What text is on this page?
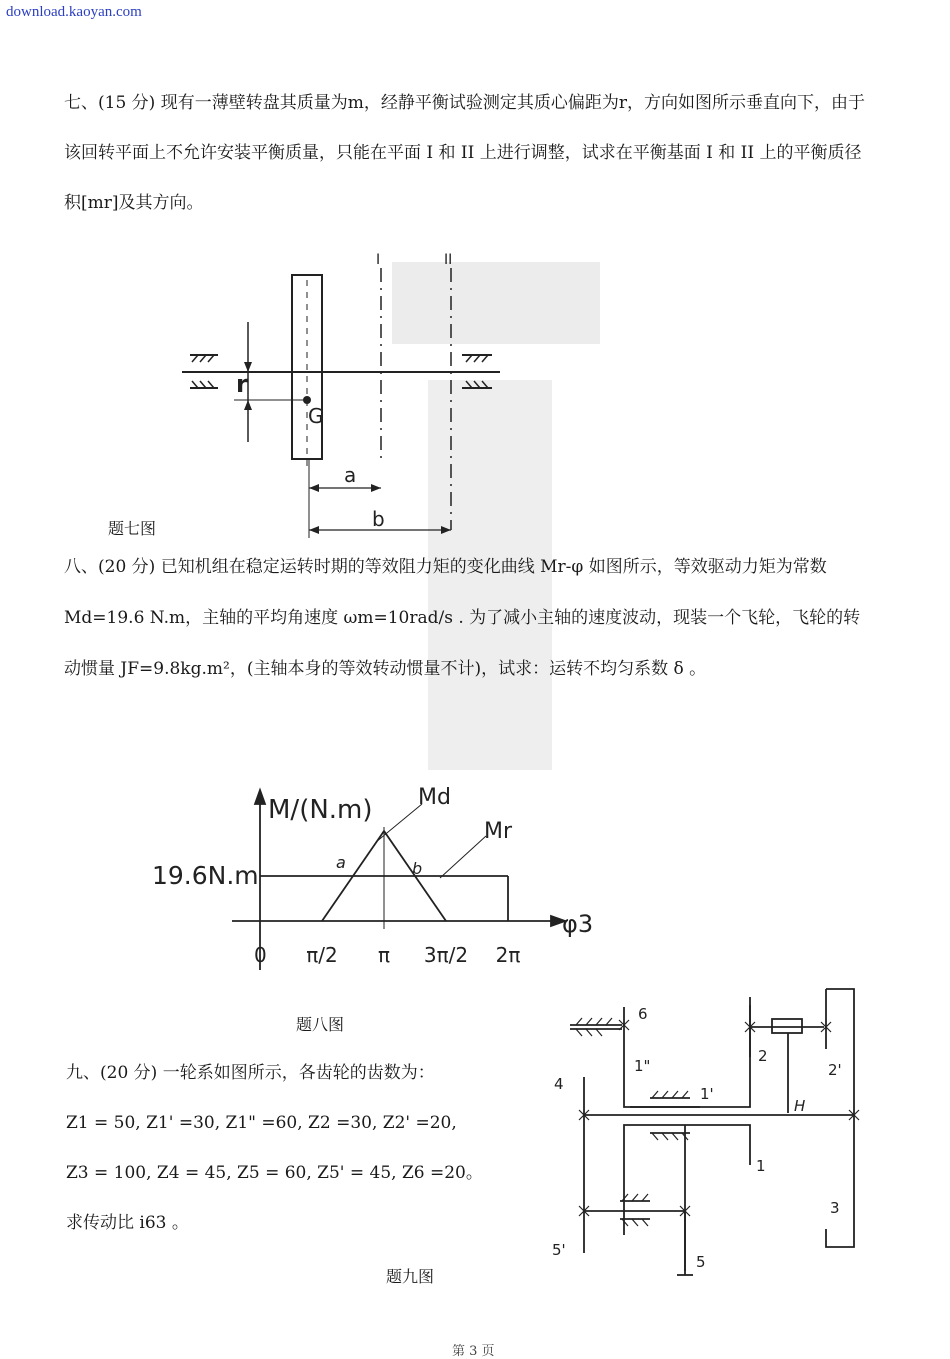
download.kaoyan.com
七、(15 分) 现有一薄壁转盘其质量为m，经静平衡试验测定其质心偏距为r，方向如图所示垂直向下，由于该回转平面上不允许安装平衡质量，只能在平面 I 和 II 上进行调整，试求在平衡基面 I 和 II 上的平衡质径积[mr]及其方向。
I	II
r
G
a
b
题七图
八、(20 分) 已知机组在稳定运转时期的等效阻力矩的变化曲线 Mr-φ 如图所示，等效驱动力矩为常数 Md=19.6 N.m，主轴的平均角速度 ωm=10rad/s . 为了减小主轴的速度波动，现装一个飞轮，飞轮的转动惯量 JF=9.8kg.m²，(主轴本身的等效转动惯量不计)，试求：运转不均匀系数 δ 。
M/(N.m)
19.6N.m
φ3
Md
Mr
a	b
0 π/2 π 3π/2 2π
题八图
九、(20 分) 一轮系如图所示，各齿轮的齿数为：
Z1 = 50, Z1' =30, Z1" =60, Z2 =30, Z2' =20,
Z3 = 100, Z4 = 45, Z5 = 60, Z5' = 45, Z6 =20。
求传动比 i63 。
6
1"
1'
2
2'
4
H
1
3
5'
5
题九图
第 3 页
